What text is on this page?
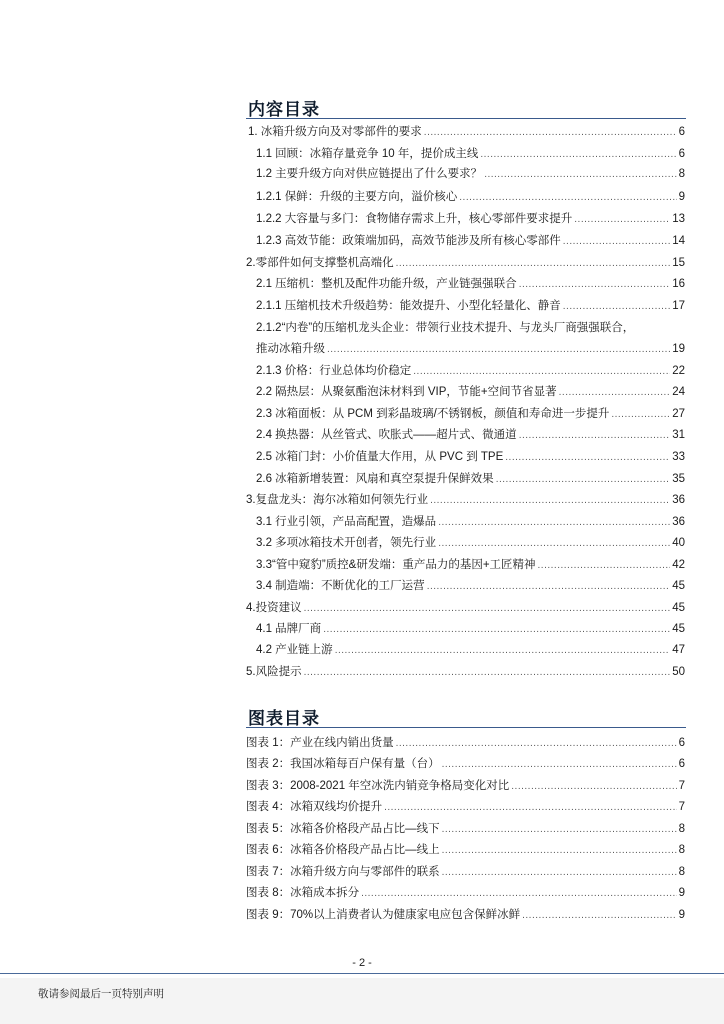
内容目录
1. 冰箱升级方向及对零部件的要求 .....	6
1.1 回顾：冰箱存量竞争 10 年，提价成主线 .....	6
1.2 主要升级方向对供应链提出了什么要求？ .....	8
1.2.1 保鲜：升级的主要方向，溢价核心 .....	9
1.2.2 大容量与多门：食物储存需求上升，核心零部件要求提升 .....	13
1.2.3 高效节能：政策端加码，高效节能涉及所有核心零部件 .....	14
2.零部件如何支撑整机高端化 .....	15
2.1 压缩机：整机及配件功能升级，产业链强强联合 .....	16
2.1.1 压缩机技术升级趋势：能效提升、小型化轻量化、静音 .....	17
2.1.2“内卷”的压缩机龙头企业：带领行业技术提升、与龙头厂商强强联合，
推动冰箱升级 .....	19
2.1.3 价格：行业总体均价稳定 .....	22
2.2 隔热层：从聚氨酯泡沫材料到 VIP，节能+空间节省显著 .....	24
2.3 冰箱面板：从 PCM 到彩晶玻璃/不锈钢板，颜值和寿命进一步提升 .....	27
2.4 换热器：从丝管式、吹胀式——超片式、微通道 .....	31
2.5 冰箱门封：小价值量大作用，从 PVC 到 TPE .....	33
2.6 冰箱新增装置：风扇和真空泵提升保鲜效果 .....	35
3.复盘龙头：海尔冰箱如何领先行业 .....	36
3.1 行业引领，产品高配置，造爆品 .....	36
3.2 多项冰箱技术开创者，领先行业 .....	40
3.3“管中窥豹”质控&研发端：重产品力的基因+工匠精神 .....	42
3.4 制造端：不断优化的工厂运营 .....	45
4.投资建议 .....	45
4.1 品牌厂商 .....	45
4.2 产业链上游 .....	47
5.风险提示 .....	50
图表目录
图表 1：产业在线内销出货量 .....	6
图表 2：我国冰箱每百户保有量（台） .....	6
图表 3：2008-2021 年空冰洗内销竞争格局变化对比 .....	7
图表 4：冰箱双线均价提升 .....	7
图表 5：冰箱各价格段产品占比—线下 .....	8
图表 6：冰箱各价格段产品占比—线上 .....	8
图表 7：冰箱升级方向与零部件的联系 .....	8
图表 8：冰箱成本拆分 .....	9
图表 9：70%以上消费者认为健康家电应包含保鲜冰鲜 .....	9
- 2 -
敬请参阅最后一页特别声明
